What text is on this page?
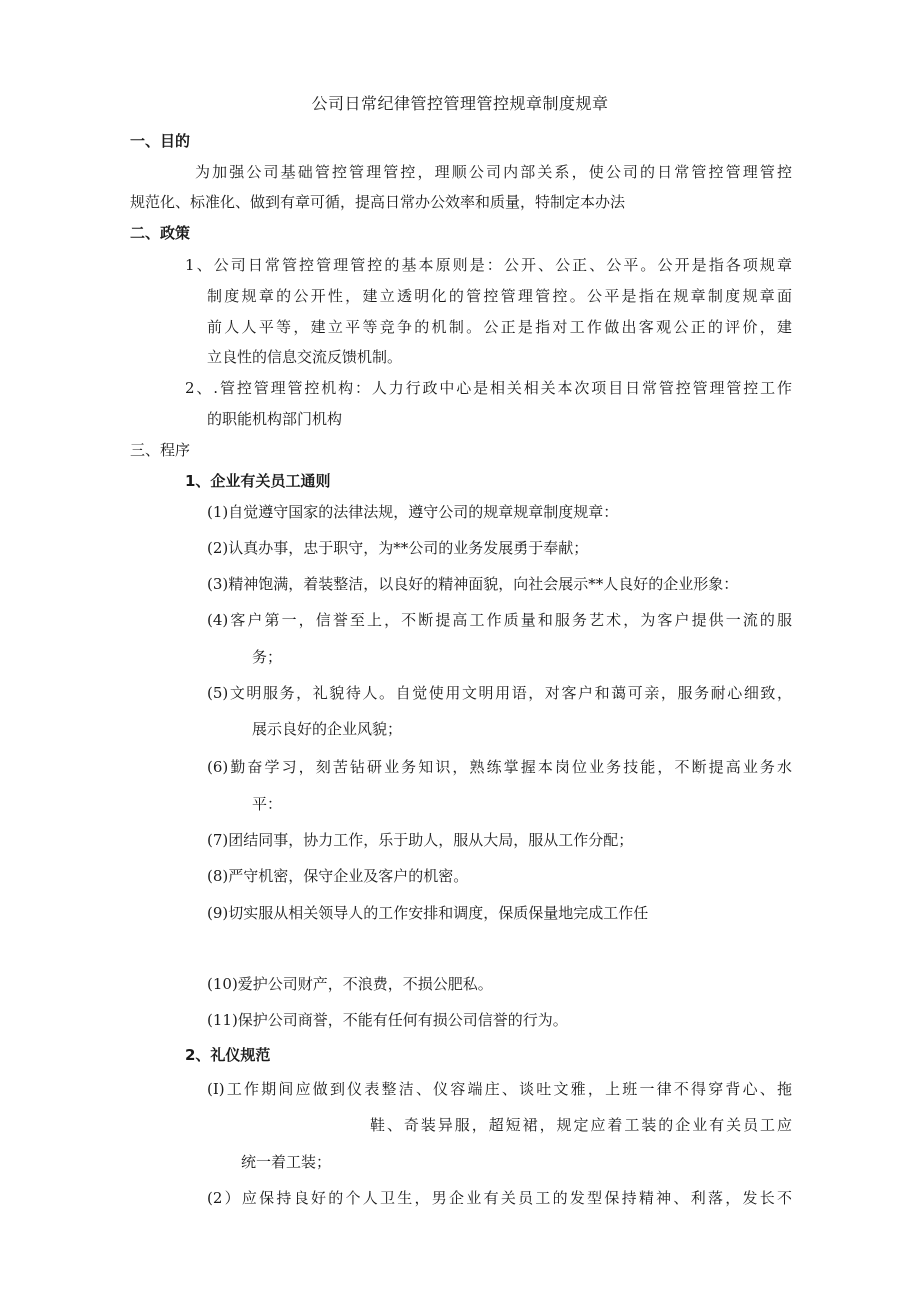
公司日常纪律管控管理管控规章制度规章
一、目的
为加强公司基础管控管理管控，理顺公司内部关系，使公司的日常管控管理管控
规范化、标准化、做到有章可循，提高日常办公效率和质量，特制定本办法
二、政策
1、公司日常管控管理管控的基本原则是：公开、公正、公平。公开是指各项规章
制度规章的公开性，建立透明化的管控管理管控。公平是指在规章制度规章面
前人人平等，建立平等竞争的机制。公正是指对工作做出客观公正的评价，建
立良性的信息交流反馈机制。
2、.管控管理管控机构：人力行政中心是相关相关本次项目日常管控管理管控工作
的职能机构部门机构
三、程序
1、企业有关员工通则
(1)自觉遵守国家的法律法规，遵守公司的规章规章制度规章：
(2)认真办事，忠于职守，为**公司的业务发展勇于奉献；
(3)精神饱满，着装整洁，以良好的精神面貌，向社会展示**人良好的企业形象：
(4)客户第一，信誉至上，不断提高工作质量和服务艺术，为客户提供一流的服
务；
(5)文明服务，礼貌待人。自觉使用文明用语，对客户和蔼可亲，服务耐心细致，
展示良好的企业风貌；
(6)勤奋学习，刻苦钻研业务知识，熟练掌握本岗位业务技能，不断提高业务水
平：
(7)团结同事，协力工作，乐于助人，服从大局，服从工作分配；
(8)严守机密，保守企业及客户的机密。
(9)切实服从相关领导人的工作安排和调度，保质保量地完成工作任
(10)爱护公司财产，不浪费，不损公肥私。
(11)保护公司商誉，不能有任何有损公司信誉的行为。
2、礼仪规范
(I)工作期间应做到仪表整洁、仪容端庄、谈吐文雅，上班一律不得穿背心、拖
鞋、奇装异服，超短裙，规定应着工装的企业有关员工应
统一着工装；
(2）应保持良好的个人卫生，男企业有关员工的发型保持精神、利落，发长不
